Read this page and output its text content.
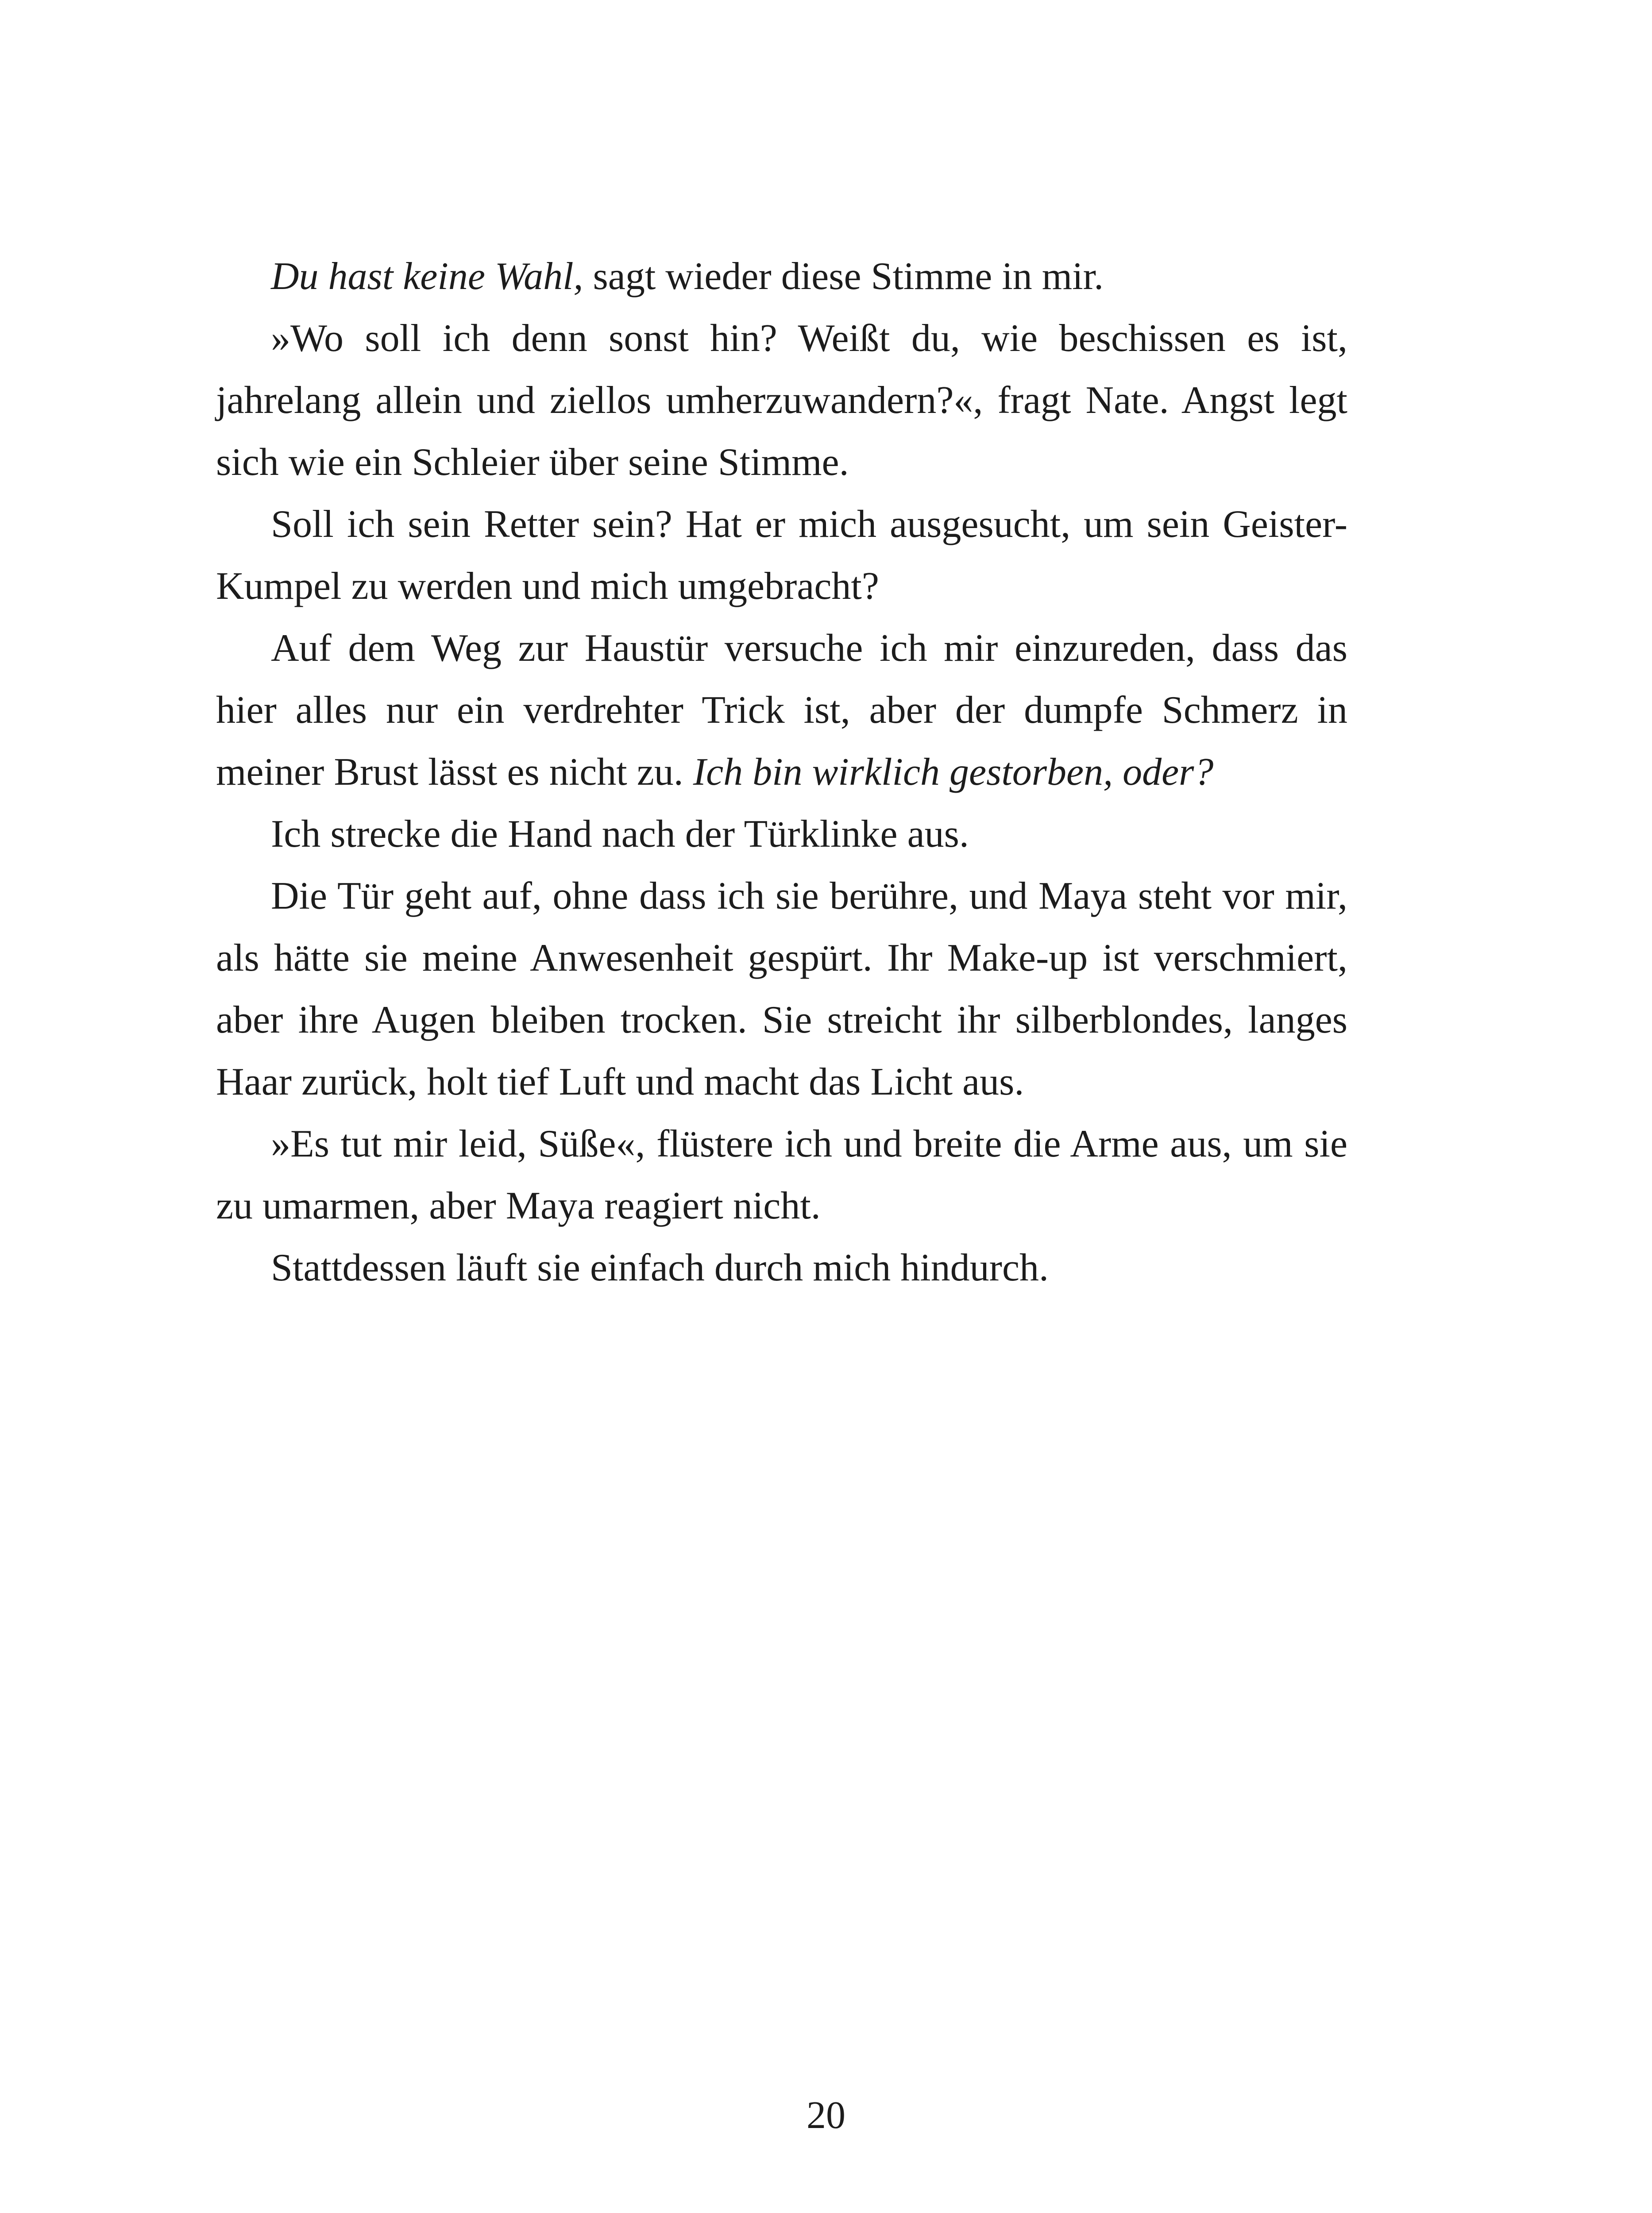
Du hast keine Wahl, sagt wieder diese Stimme in mir.

»Wo soll ich denn sonst hin? Weißt du, wie beschissen es ist, jahrelang allein und ziellos umherzuwandern?«, fragt Nate. Angst legt sich wie ein Schleier über seine Stimme.

Soll ich sein Retter sein? Hat er mich ausgesucht, um sein Geister-Kumpel zu werden und mich umgebracht?

Auf dem Weg zur Haustür versuche ich mir einzureden, dass das hier alles nur ein verdrehter Trick ist, aber der dumpfe Schmerz in meiner Brust lässt es nicht zu. Ich bin wirklich gestorben, oder?

Ich strecke die Hand nach der Türklinke aus.

Die Tür geht auf, ohne dass ich sie berühre, und Maya steht vor mir, als hätte sie meine Anwesenheit gespürt. Ihr Make-up ist verschmiert, aber ihre Augen bleiben trocken. Sie streicht ihr silberblondes, langes Haar zurück, holt tief Luft und macht das Licht aus.

»Es tut mir leid, Süße«, flüstere ich und breite die Arme aus, um sie zu umarmen, aber Maya reagiert nicht.

Stattdessen läuft sie einfach durch mich hindurch.

20
